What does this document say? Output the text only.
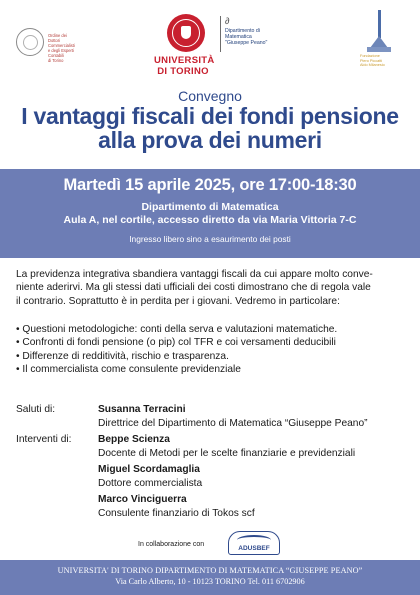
Ordine dei
Dottori Commercialisti
e degli Esperti Contabili
di Torino	UNIVERSITÀ
DI TORINO
∂
Dipartimento di
Matematica
"Giuseppe Peano"
Fondazione
Piero Piccatti
Aldo Milanesio
Convegno
I vantaggi fiscali dei fondi pensione
alla prova dei numeri
Martedì 15 aprile 2025, ore 17:00-18:30
Dipartimento di Matematica
Aula A, nel cortile, accesso diretto da via Maria Vittoria 7-C
Ingresso libero sino a esaurimento dei posti
La previdenza integrativa sbandiera vantaggi fiscali da cui appare molto conve-
niente aderirvi. Ma gli stessi dati ufficiali dei costi dimostrano che di regola vale
il contrario. Soprattutto è in perdita per i giovani. Vedremo in particolare:
• Questioni metodologiche: conti della serva e valutazioni matematiche.
• Confronti di fondi pensione (o pip) col TFR e coi versamenti deducibili
• Differenze di redditività, rischio e trasparenza.
• Il commercialista come consulente previdenziale
Saluti di:	Susanna Terracini
Direttrice del Dipartimento di Matematica “Giuseppe Peano”
Interventi di:	Beppe Scienza
Docente di Metodi per le scelte finanziarie e previdenziali
Miguel Scordamaglia
Dottore commercialista
Marco Vinciguerra
Consulente finanziario di Tokos scf
In collaborazione con
ADUSBEF
UNIVERSITA' DI TORINO DIPARTIMENTO DI MATEMATICA “GIUSEPPE PEANO”
Via Carlo Alberto, 10 - 10123 TORINO Tel. 011 6702906
